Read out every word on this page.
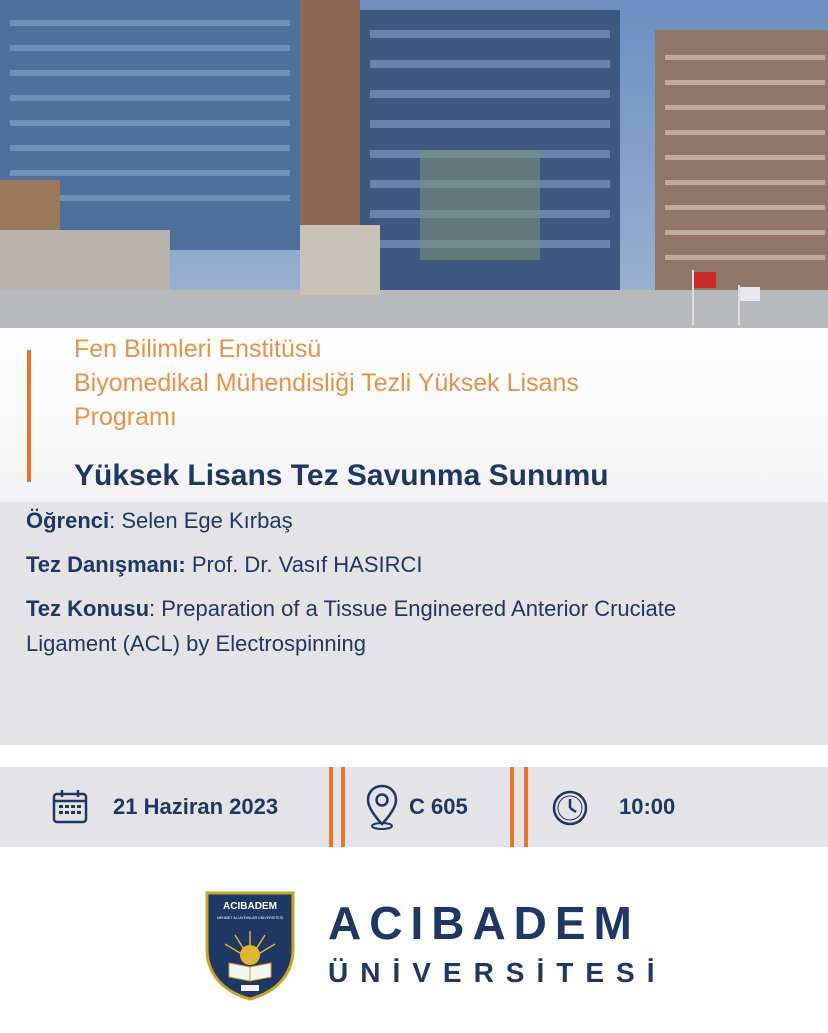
Fen Bilimleri Enstitüsü
Biyomedikal Mühendisliği Tezli Yüksek Lisans
Programı
Yüksek Lisans Tez Savunma Sunumu
Öğrenci: Selen Ege Kırbaş
Tez Danışmanı: Prof. Dr. Vasıf HASIRCI
Tez Konusu: Preparation of a Tissue Engineered Anterior Cruciate
Ligament (ACL) by Electrospinning
21 Haziran 2023	C 605	10:00
ACIBADEM
MEHMET ALİ AYDINLAR ÜNİVERSİTESİ ACIBADEM
ÜNİVERSİTESİ
